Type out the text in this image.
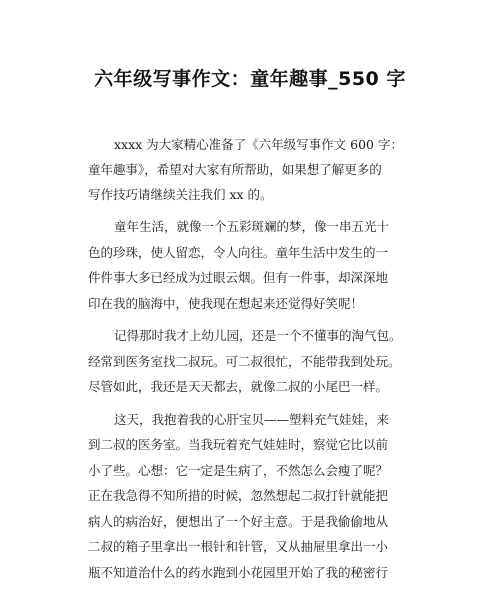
六年级写事作文：童年趣事_550 字
xxxx 为大家精心准备了《六年级写事作文 600 字：
童年趣事》，希望对大家有所帮助，如果想了解更多的
写作技巧请继续关注我们 xx 的。
童年生活，就像一个五彩斑斓的梦，像一串五光十
色的珍珠，使人留恋，令人向往。童年生活中发生的一
件件事大多已经成为过眼云烟。但有一件事，却深深地
印在我的脑海中，使我现在想起来还觉得好笑呢！
记得那时我才上幼儿园，还是一个不懂事的淘气包。
经常到医务室找二叔玩。可二叔很忙，不能带我到处玩。
尽管如此，我还是天天都去，就像二叔的小尾巴一样。
这天，我抱着我的心肝宝贝——塑料充气娃娃，来
到二叔的医务室。当我玩着充气娃娃时，察觉它比以前
小了些。心想：它一定是生病了，不然怎么会瘦了呢？
正在我急得不知所措的时候，忽然想起二叔打针就能把
病人的病治好，便想出了一个好主意。于是我偷偷地从
二叔的箱子里拿出一根针和针管，又从抽屉里拿出一小
瓶不知道治什么的药水跑到小花园里开始了我的秘密行
